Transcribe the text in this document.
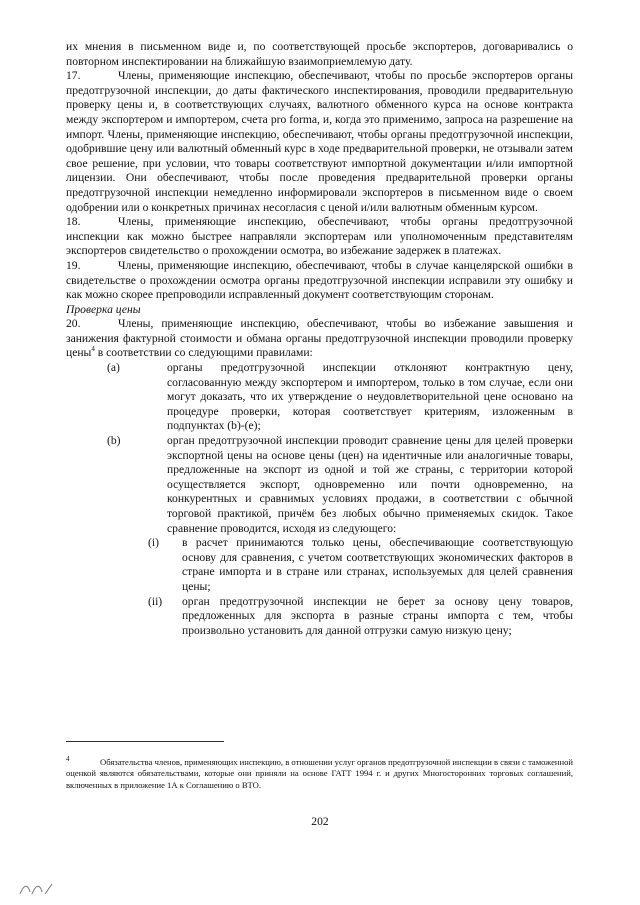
их мнения в письменном виде и, по соответствующей просьбе экспортеров, договаривались о повторном инспектировании на ближайшую взаимоприемлемую дату.

17.	Члены, применяющие инспекцию, обеспечивают, чтобы по просьбе экспортеров органы предотгрузочной инспекции, до даты фактического инспектирования, проводили предварительную проверку цены и, в соответствующих случаях, валютного обменного курса на основе контракта между экспортером и импортером, счета pro forma, и, когда это применимо, запроса на разрешение на импорт. Члены, применяющие инспекцию, обеспечивают, чтобы органы предотгрузочной инспекции, одобрившие цену или валютный обменный курс в ходе предварительной проверки, не отзывали затем свое решение, при условии, что товары соответствуют импортной документации и/или импортной лицензии. Они обеспечивают, чтобы после проведения предварительной проверки органы предотгрузочной инспекции немедленно информировали экспортеров в письменном виде о своем одобрении или о конкретных причинах несогласия с ценой и/или валютным обменным курсом.

18.	Члены, применяющие инспекцию, обеспечивают, чтобы органы предотгрузочной инспекции как можно быстрее направляли экспортерам или уполномоченным представителям экспортеров свидетельство о прохождении осмотра, во избежание задержек в платежах.

19.	Члены, применяющие инспекцию, обеспечивают, чтобы в случае канцелярской ошибки в свидетельстве о прохождении осмотра органы предотгрузочной инспекции исправили эту ошибку и как можно скорее препроводили исправленный документ соответствующим сторонам.

Проверка цены

20.	Члены, применяющие инспекцию, обеспечивают, чтобы во избежание завышения и занижения фактурной стоимости и обмана органы предотгрузочной инспекции проводили проверку цены$^4$ в соответствии со следующими правилами:

(a)	органы предотгрузочной инспекции отклоняют контрактную цену, согласованную между экспортером и импортером, только в том случае, если они могут доказать, что их утверждение о неудовлетворительной цене основано на процедуре проверки, которая соответствует критериям, изложенным в подпунктах (b)-(e);
(b)	орган предотгрузочной инспекции проводит сравнение цены для целей проверки экспортной цены на основе цены (цен) на идентичные или аналогичные товары, предложенные на экспорт из одной и той же страны, с территории которой осуществляется экспорт, одновременно или почти одновременно, на конкурентных и сравнимых условиях продажи, в соответствии с обычной торговой практикой, причём без любых обычно применяемых скидок. Такое сравнение проводится, исходя из следующего:
(i)	в расчет принимаются только цены, обеспечивающие соответствующую основу для сравнения, с учетом соответствующих экономических факторов в стране импорта и в стране или странах, используемых для целей сравнения цены;
(ii)	орган предотгрузочной инспекции не берет за основу цену товаров, предложенных для экспорта в разные страны импорта с тем, чтобы произвольно установить для данной отгрузки самую низкую цену;
4	Обязательства членов, применяющих инспекцию, в отношении услуг органов предотгрузочной инспекции в связи с таможенной оценкой являются обязательствами, которые они приняли на основе ГАТТ 1994 г. и других Многосторонних торговых соглашений, включенных в приложение 1А к Соглашению о ВТО.
202
